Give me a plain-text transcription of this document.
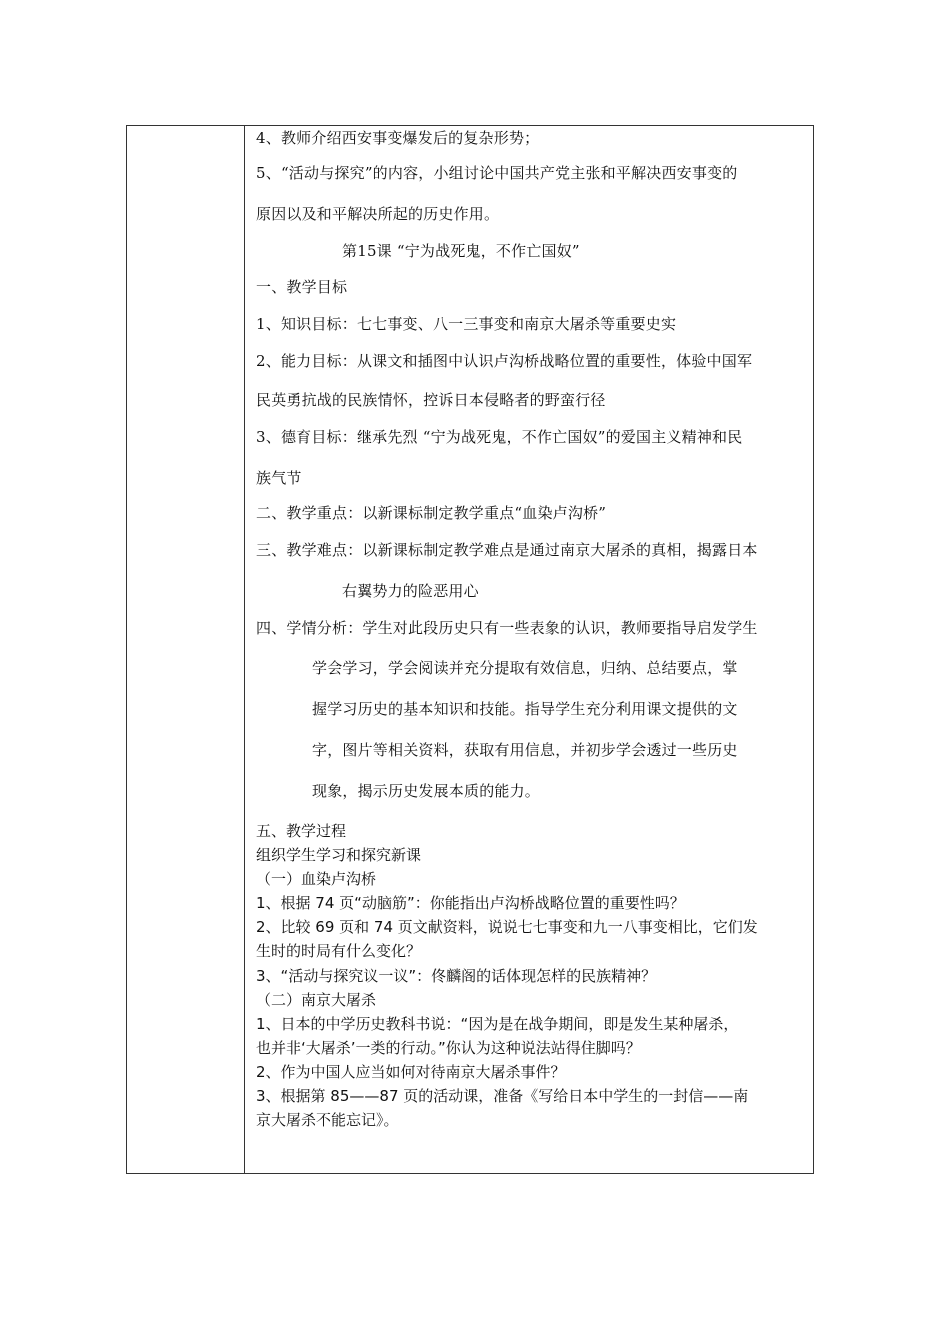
4、教师介绍西安事变爆发后的复杂形势；
5、“活动与探究”的内容，小组讨论中国共产党主张和平解决西安事变的
原因以及和平解决所起的历史作用。
第15课 “宁为战死鬼，不作亡国奴”
一、教学目标
1、知识目标：七七事变、八一三事变和南京大屠杀等重要史实
2、能力目标：从课文和插图中认识卢沟桥战略位置的重要性，体验中国军
民英勇抗战的民族情怀，控诉日本侵略者的野蛮行径
3、德育目标：继承先烈 “宁为战死鬼，不作亡国奴”的爱国主义精神和民
族气节
二、教学重点：以新课标制定教学重点“血染卢沟桥”
三、教学难点：以新课标制定教学难点是通过南京大屠杀的真相，揭露日本
右翼势力的险恶用心
四、学情分析：学生对此段历史只有一些表象的认识，教师要指导启发学生
学会学习，学会阅读并充分提取有效信息，归纳、总结要点，掌
握学习历史的基本知识和技能。指导学生充分利用课文提供的文
字，图片等相关资料，获取有用信息，并初步学会透过一些历史
现象，揭示历史发展本质的能力。
五、教学过程
组织学生学习和探究新课
（一）血染卢沟桥
1、根据 74 页“动脑筋”：你能指出卢沟桥战略位置的重要性吗？
2、比较 69 页和 74 页文献资料，说说七七事变和九一八事变相比，它们发
生时的时局有什么变化？
3、“活动与探究议一议”：佟麟阁的话体现怎样的民族精神？
（二）南京大屠杀
1、日本的中学历史教科书说：“因为是在战争期间，即是发生某种屠杀，
也并非‘大屠杀’一类的行动。”你认为这种说法站得住脚吗？
2、作为中国人应当如何对待南京大屠杀事件？
3、根据第 85——87 页的活动课，准备《写给日本中学生的一封信——南
京大屠杀不能忘记》。
